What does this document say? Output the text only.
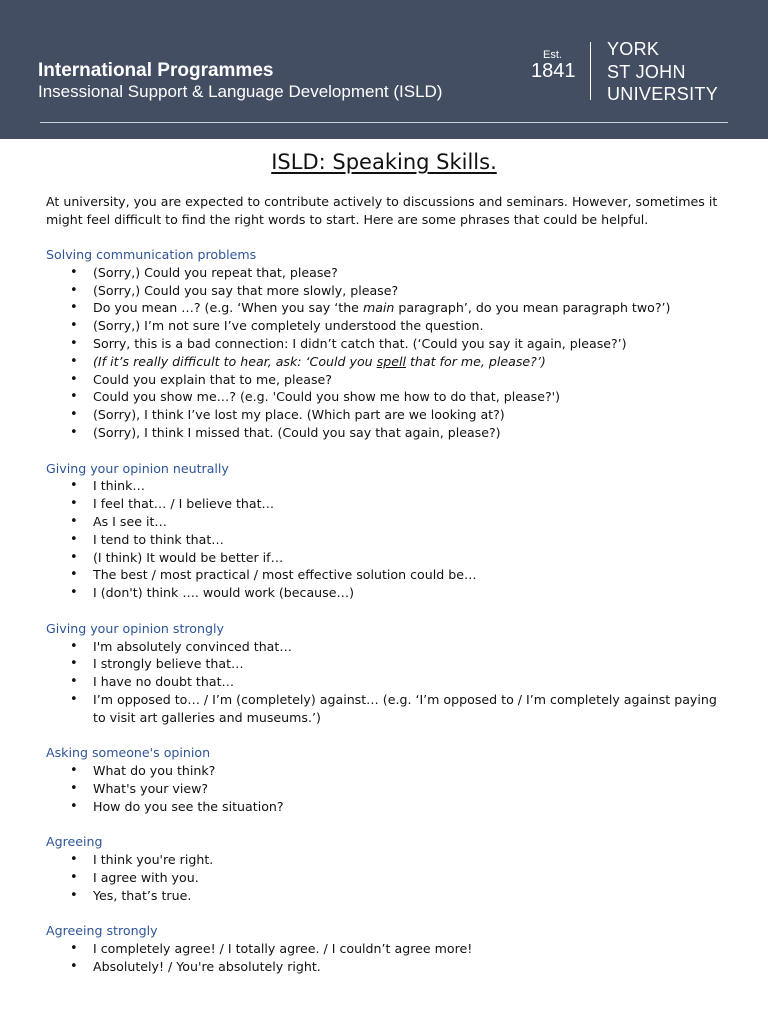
International Programmes
Insessional Support & Language Development (ISLD)
Est.
1841
YORK
ST JOHN
UNIVERSITY
ISLD: Speaking Skills.
At university, you are expected to contribute actively to discussions and seminars. However, sometimes it might feel difficult to find the right words to start. Here are some phrases that could be helpful.
Solving communication problems
• (Sorry,) Could you repeat that, please?
• (Sorry,) Could you say that more slowly, please?
• Do you mean …? (e.g. ‘When you say ‘the main paragraph’, do you mean paragraph two?’)
• (Sorry,) I’m not sure I’ve completely understood the question.
• Sorry, this is a bad connection: I didn’t catch that. (‘Could you say it again, please?’)
• (If it’s really difficult to hear, ask: ‘Could you spell that for me, please?’)
• Could you explain that to me, please?
• Could you show me…? (e.g. 'Could you show me how to do that, please?')
• (Sorry), I think I’ve lost my place. (Which part are we looking at?)
• (Sorry), I think I missed that. (Could you say that again, please?)
Giving your opinion neutrally
• I think…
• I feel that… / I believe that…
• As I see it…
• I tend to think that…
• (I think) It would be better if…
• The best / most practical / most effective solution could be…
• I (don't) think …. would work (because…)
Giving your opinion strongly
• I'm absolutely convinced that…
• I strongly believe that…
• I have no doubt that…
• I’m opposed to… / I’m (completely) against… (e.g. ‘I’m opposed to / I’m completely against paying to visit art galleries and museums.’)
Asking someone's opinion
• What do you think?
• What's your view?
• How do you see the situation?
Agreeing
• I think you're right.
• I agree with you.
• Yes, that’s true.
Agreeing strongly
• I completely agree! / I totally agree. / I couldn’t agree more!
• Absolutely! / You're absolutely right.
